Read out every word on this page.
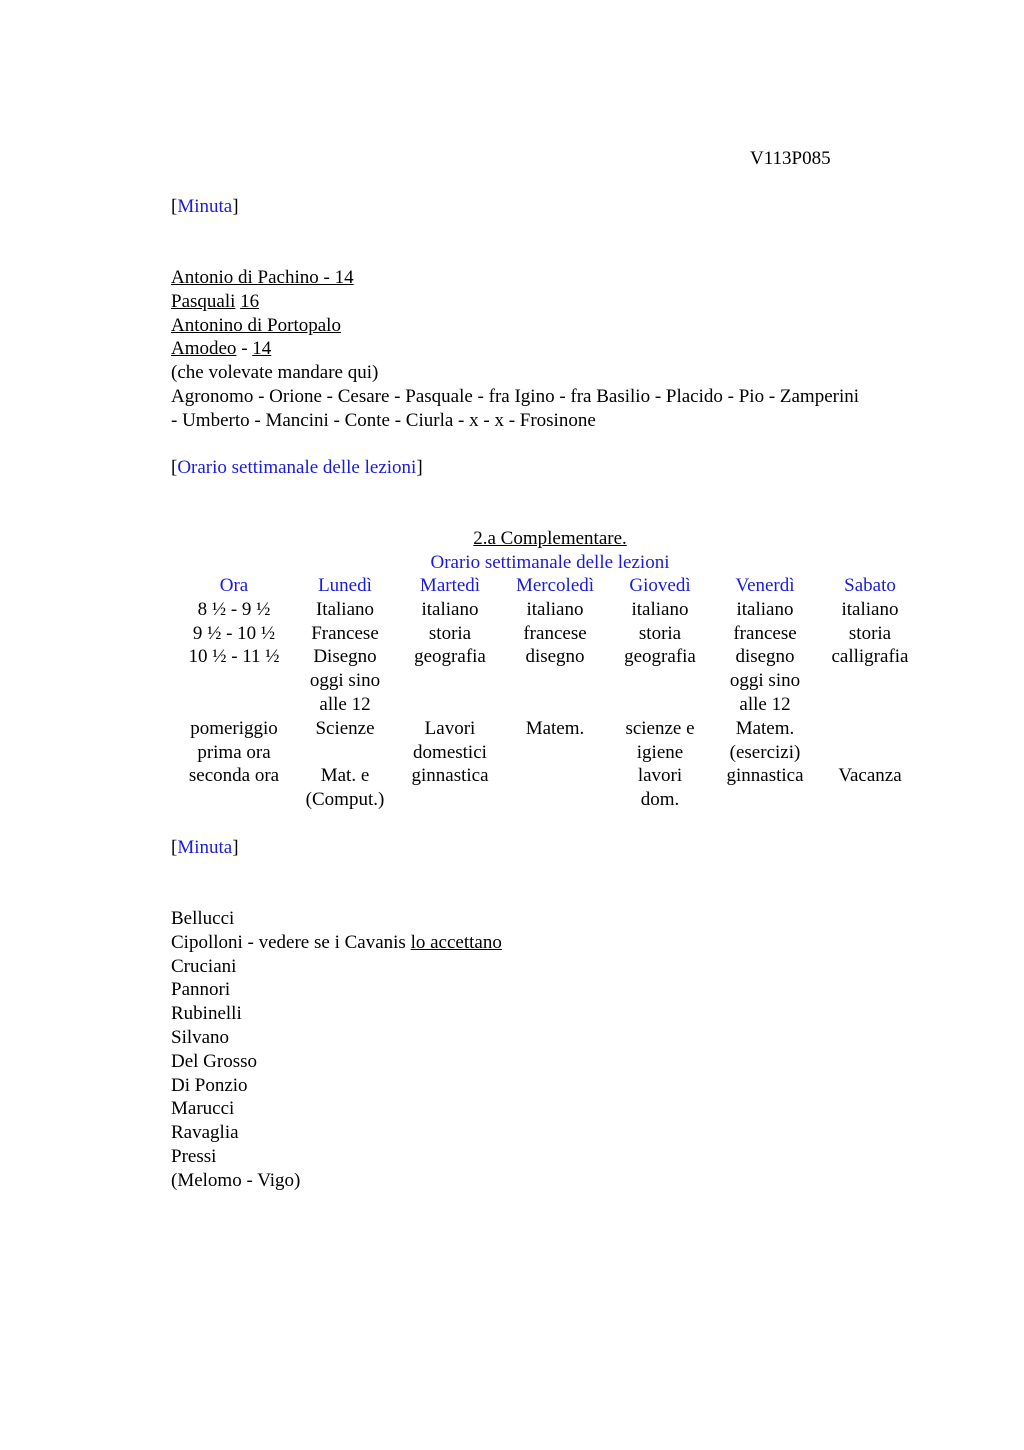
V113P085
[Minuta]
Antonio di Pachino - 14
Pasquali 16
Antonino di Portopalo
Amodeo - 14
(che volevate mandare qui)
Agronomo - Orione - Cesare - Pasquale - fra Igino - fra Basilio - Placido - Pio - Zamperini
- Umberto - Mancini - Conte - Ciurla - x - x - Frosinone
[Orario settimanale delle lezioni]
2.a Complementare.
Orario settimanale delle lezioni
Ora	Lunedì	Martedì	Mercoledì	Giovedì	Venerdì	Sabato
8 ½ - 9 ½	Italiano	italiano	italiano	italiano	italiano	italiano
9 ½ - 10 ½	Francese	storia	francese	storia	francese	storia
10 ½ - 11 ½	Disegno	geografia	disegno	geografia	disegno	calligrafia
	oggi sino				oggi sino	
	alle 12				alle 12	
pomeriggio	Scienze	Lavori	Matem.	scienze e	Matem.	
prima ora		domestici		igiene	(esercizi)	
seconda ora	Mat. e	ginnastica		lavori	ginnastica	Vacanza
	(Comput.)			dom.		
[Minuta]
Bellucci
Cipolloni - vedere se i Cavanis lo accettano
Cruciani
Pannori
Rubinelli
Silvano
Del Grosso
Di Ponzio
Marucci
Ravaglia
Pressi
(Melomo - Vigo)
